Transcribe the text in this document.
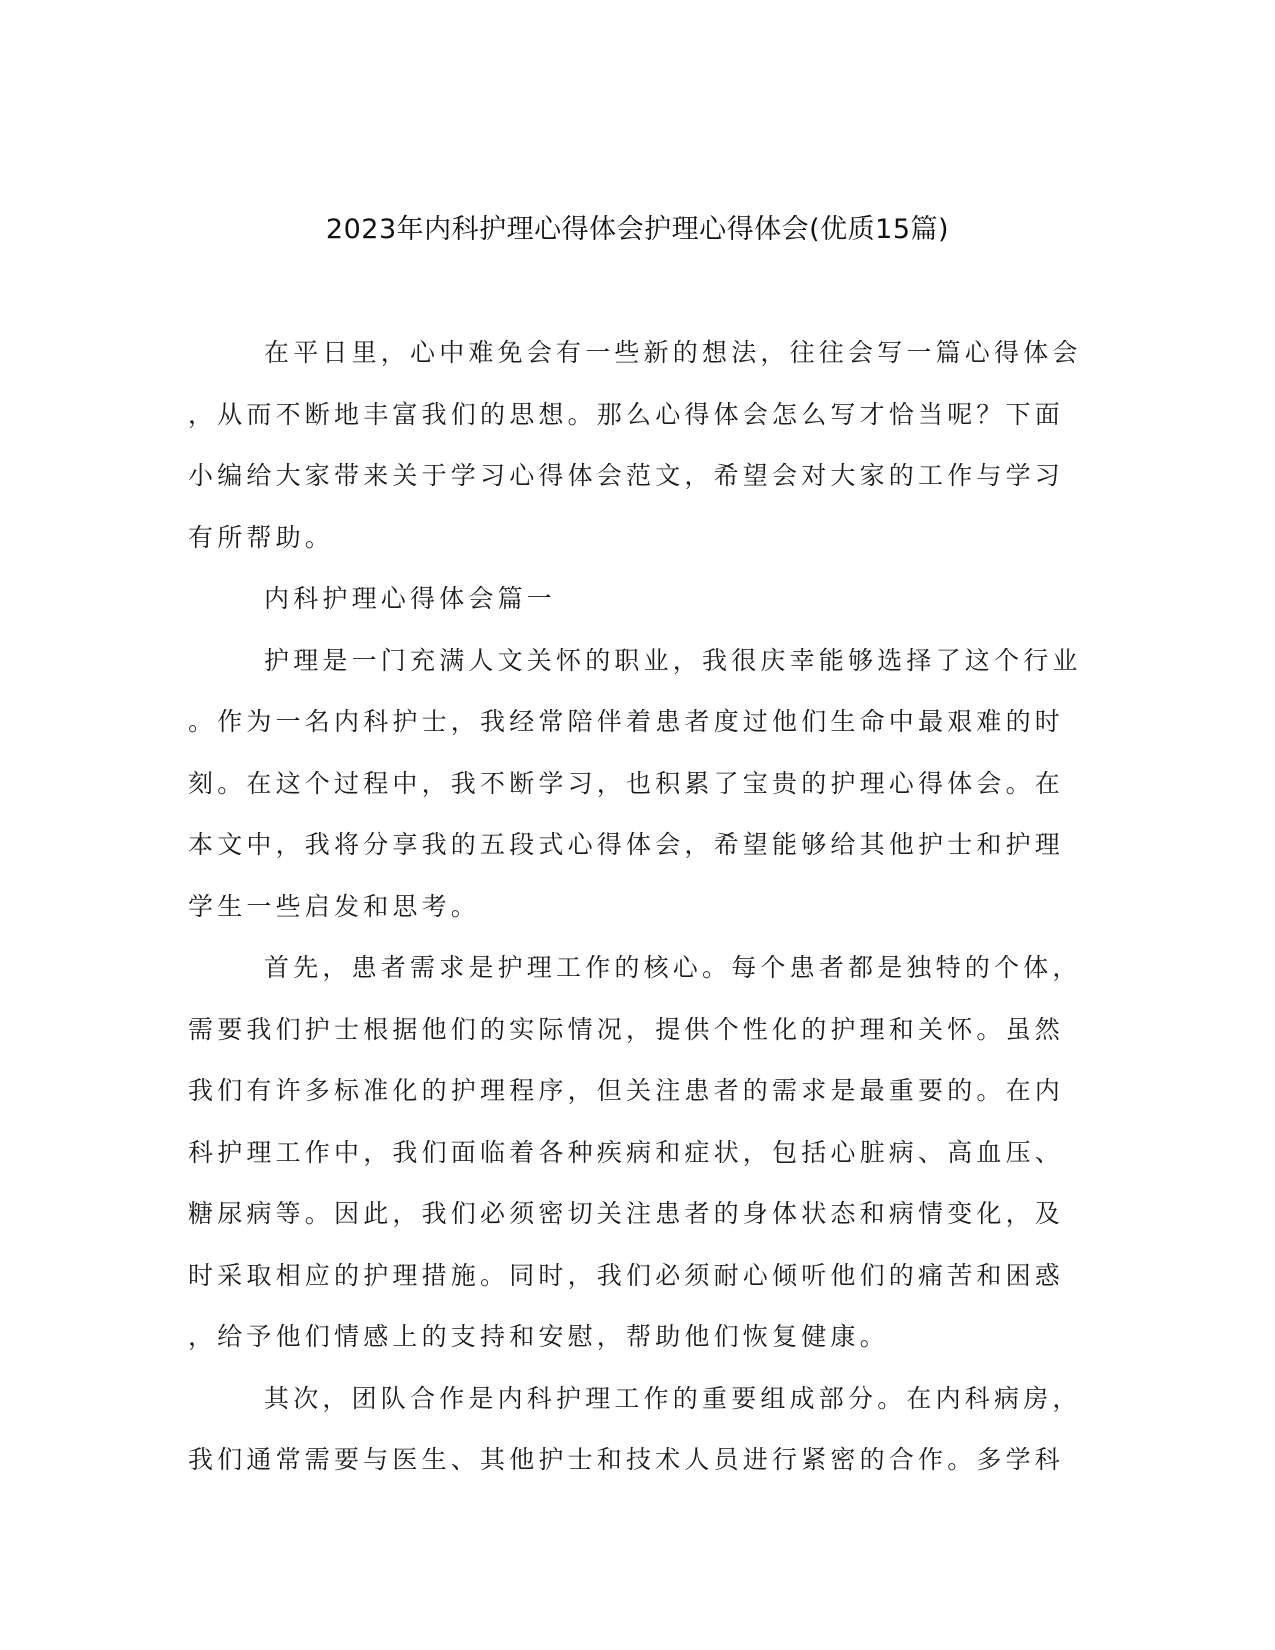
2023年内科护理心得体会护理心得体会(优质15篇)

在平日里，心中难免会有一些新的想法，往往会写一篇心得体会
，从而不断地丰富我们的思想。那么心得体会怎么写才恰当呢？下面
小编给大家带来关于学习心得体会范文，希望会对大家的工作与学习
有所帮助。

内科护理心得体会篇一

护理是一门充满人文关怀的职业，我很庆幸能够选择了这个行业
。作为一名内科护士，我经常陪伴着患者度过他们生命中最艰难的时
刻。在这个过程中，我不断学习，也积累了宝贵的护理心得体会。在
本文中，我将分享我的五段式心得体会，希望能够给其他护士和护理
学生一些启发和思考。

首先，患者需求是护理工作的核心。每个患者都是独特的个体，
需要我们护士根据他们的实际情况，提供个性化的护理和关怀。虽然
我们有许多标准化的护理程序，但关注患者的需求是最重要的。在内
科护理工作中，我们面临着各种疾病和症状，包括心脏病、高血压、
糖尿病等。因此，我们必须密切关注患者的身体状态和病情变化，及
时采取相应的护理措施。同时，我们必须耐心倾听他们的痛苦和困惑
，给予他们情感上的支持和安慰，帮助他们恢复健康。

其次，团队合作是内科护理工作的重要组成部分。在内科病房，
我们通常需要与医生、其他护士和技术人员进行紧密的合作。多学科
